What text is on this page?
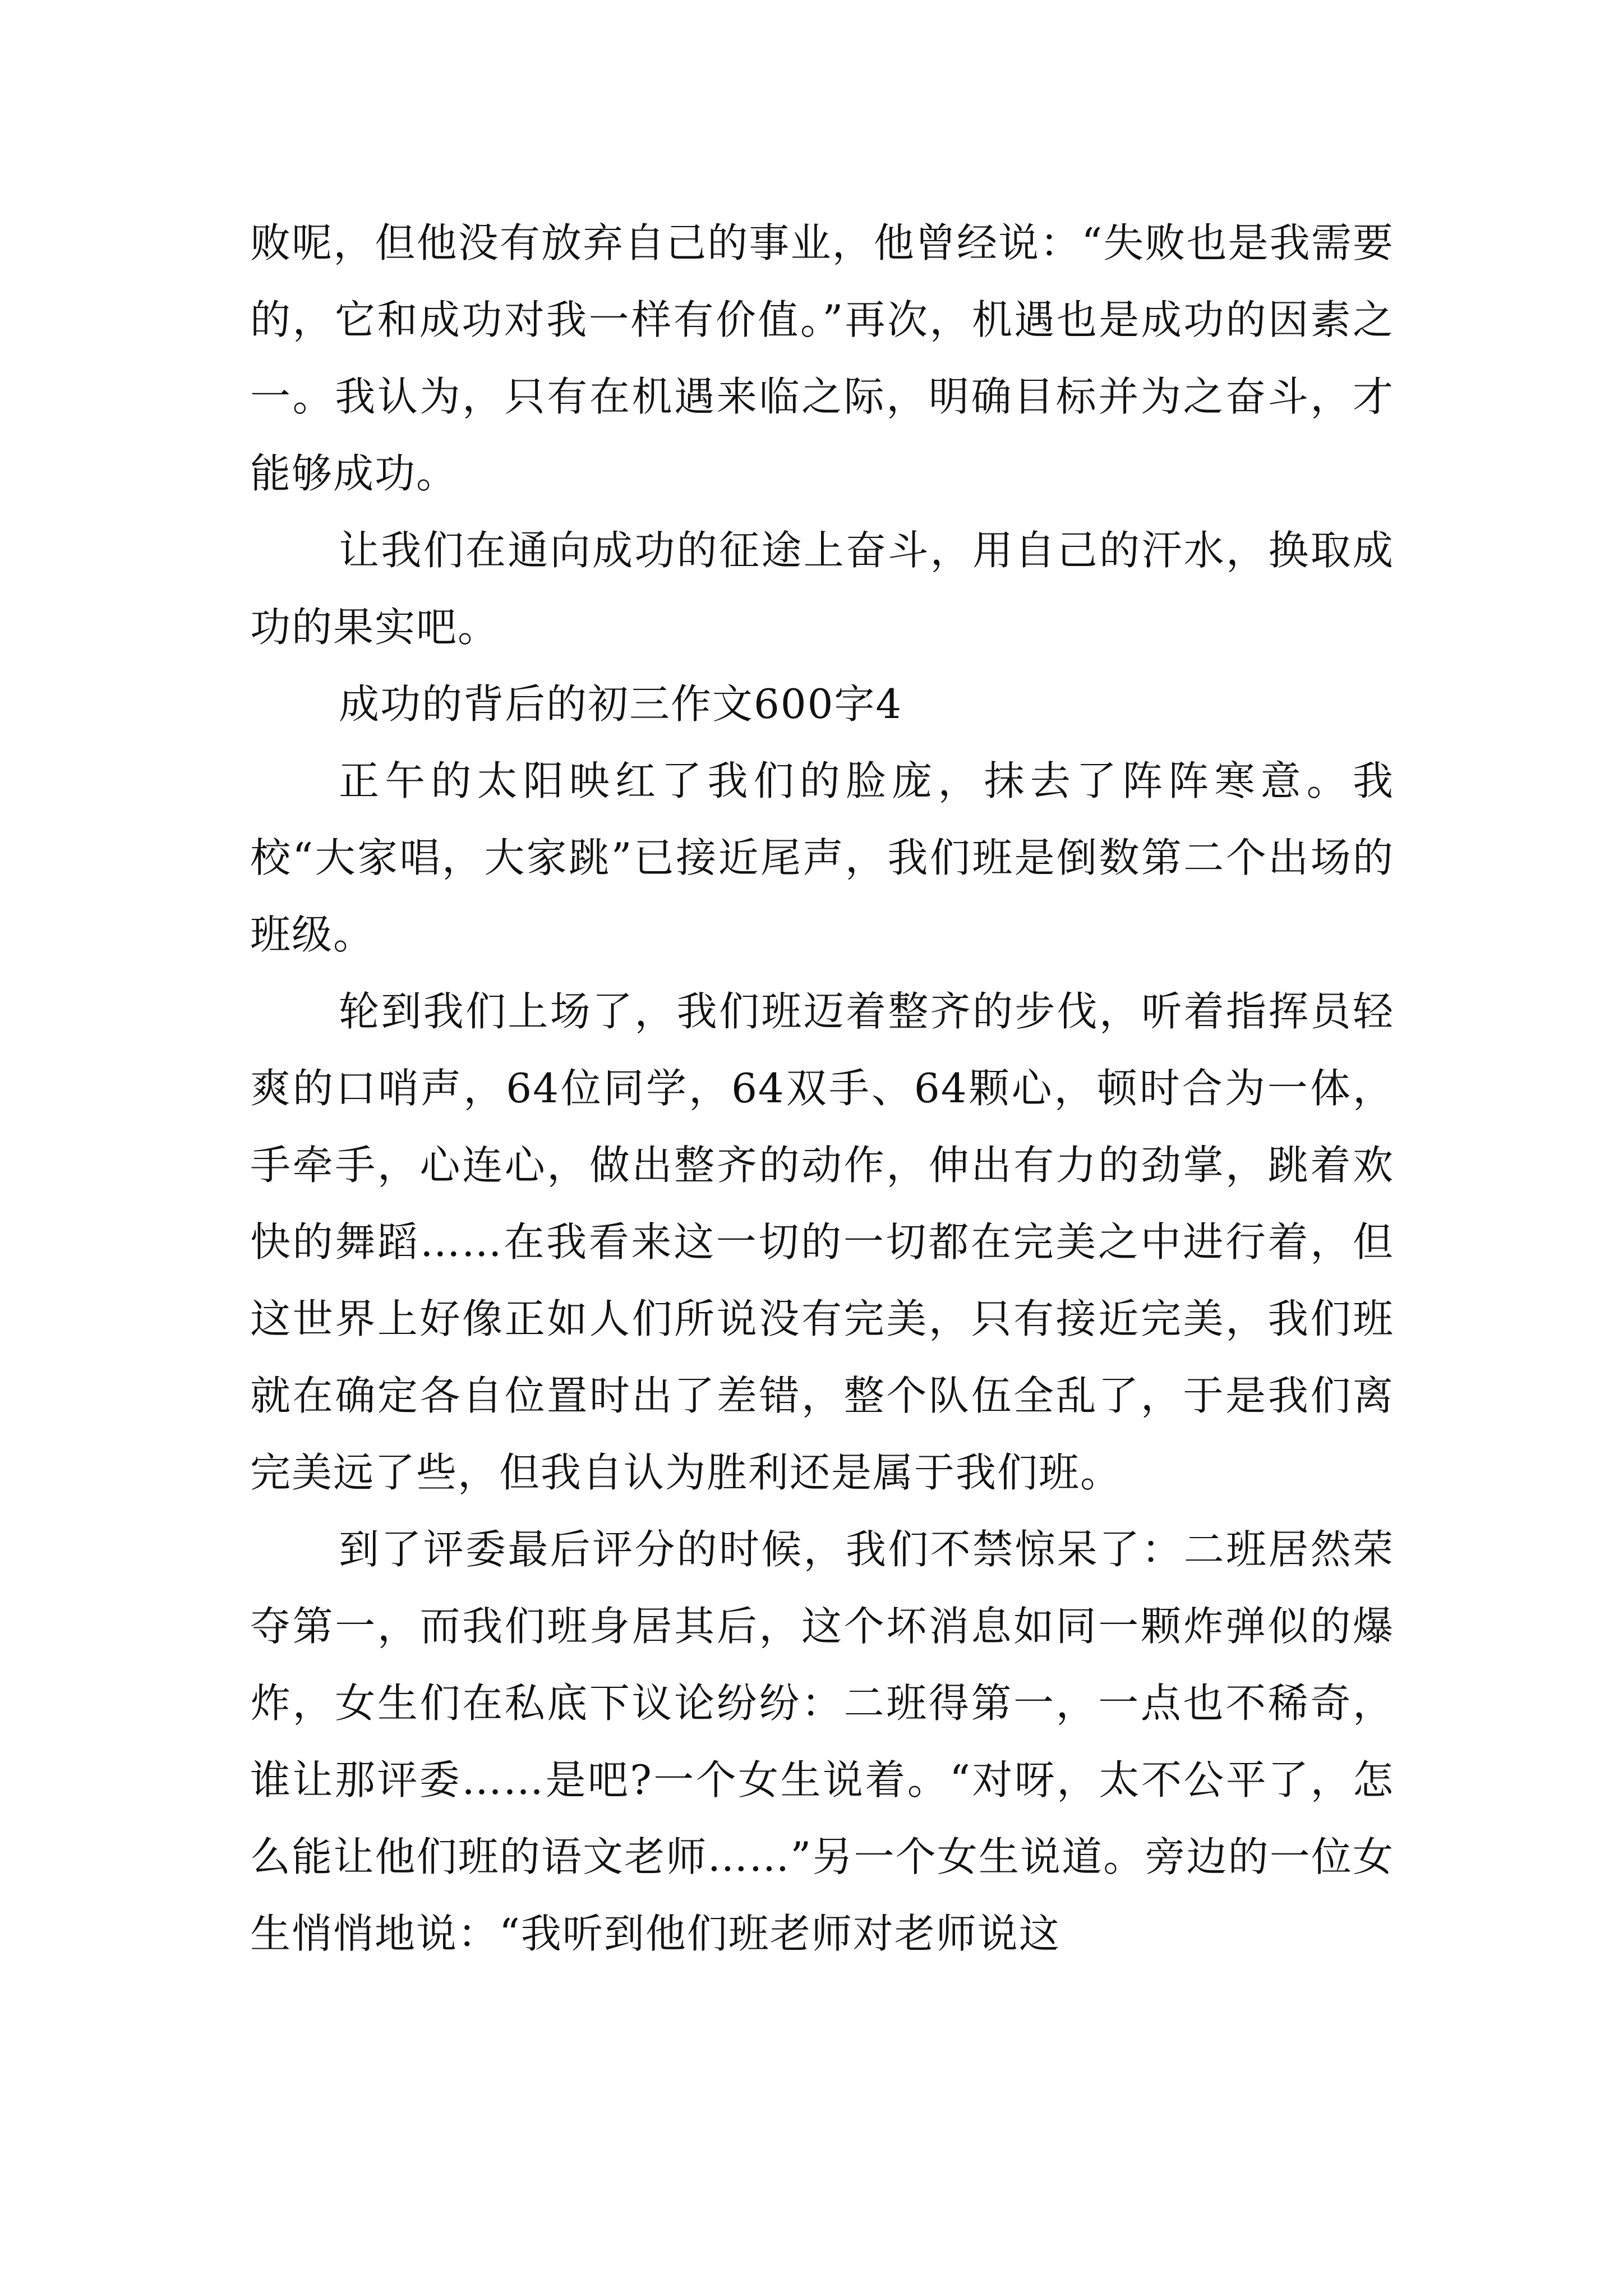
败呢，但他没有放弃自己的事业，他曾经说：“失败也是我需要的，它和成功对我一样有价值。”再次，机遇也是成功的因素之一。我认为，只有在机遇来临之际，明确目标并为之奋斗，才能够成功。

让我们在通向成功的征途上奋斗，用自己的汗水，换取成功的果实吧。

成功的背后的初三作文600字4

正午的太阳映红了我们的脸庞，抹去了阵阵寒意。我校“大家唱，大家跳”已接近尾声，我们班是倒数第二个出场的班级。

轮到我们上场了，我们班迈着整齐的步伐，听着指挥员轻爽的口哨声，64位同学，64双手、64颗心，顿时合为一体，手牵手，心连心，做出整齐的动作，伸出有力的劲掌，跳着欢快的舞蹈……在我看来这一切的一切都在完美之中进行着，但这世界上好像正如人们所说没有完美，只有接近完美，我们班就在确定各自位置时出了差错，整个队伍全乱了，于是我们离完美远了些，但我自认为胜利还是属于我们班。

到了评委最后评分的时候，我们不禁惊呆了：二班居然荣夺第一，而我们班身居其后，这个坏消息如同一颗炸弹似的爆炸，女生们在私底下议论纷纷：二班得第一，一点也不稀奇，谁让那评委……是吧?一个女生说着。“对呀，太不公平了，怎么能让他们班的语文老师……”另一个女生说道。旁边的一位女生悄悄地说：“我听到他们班老师对老师说这
